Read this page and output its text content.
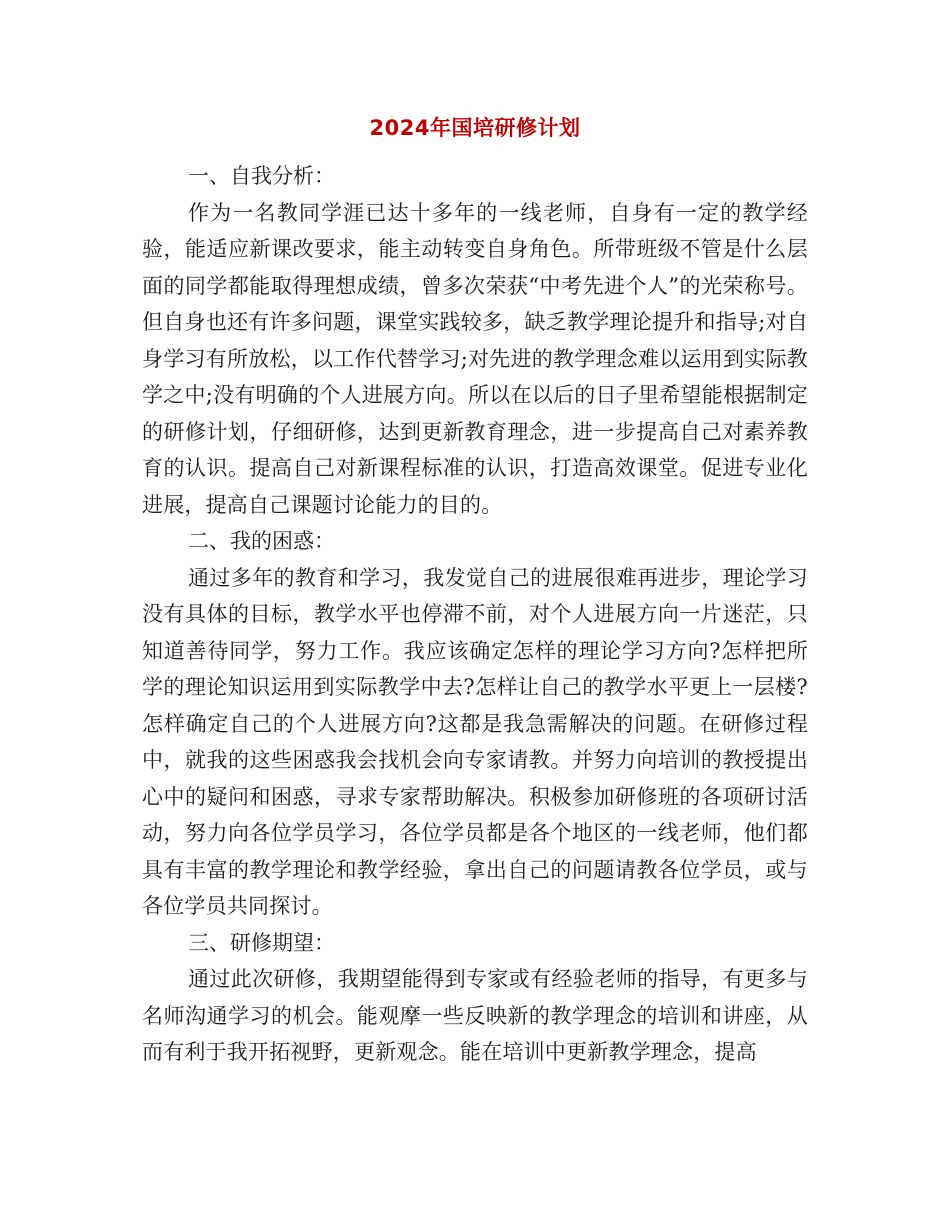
2024年国培研修计划

一、自我分析：

作为一名教同学涯已达十多年的一线老师，自身有一定的教学经验，能适应新课改要求，能主动转变自身角色。所带班级不管是什么层面的同学都能取得理想成绩，曾多次荣获“中考先进个人”的光荣称号。但自身也还有许多问题，课堂实践较多，缺乏教学理论提升和指导;对自身学习有所放松，以工作代替学习;对先进的教学理念难以运用到实际教学之中;没有明确的个人进展方向。所以在以后的日子里希望能根据制定的研修计划，仔细研修，达到更新教育理念，进一步提高自己对素养教育的认识。提高自己对新课程标准的认识，打造高效课堂。促进专业化进展，提高自己课题讨论能力的目的。

二、我的困惑：

通过多年的教育和学习，我发觉自己的进展很难再进步，理论学习没有具体的目标，教学水平也停滞不前，对个人进展方向一片迷茫，只知道善待同学，努力工作。我应该确定怎样的理论学习方向?怎样把所学的理论知识运用到实际教学中去?怎样让自己的教学水平更上一层楼?怎样确定自己的个人进展方向?这都是我急需解决的问题。在研修过程中，就我的这些困惑我会找机会向专家请教。并努力向培训的教授提出心中的疑问和困惑，寻求专家帮助解决。积极参加研修班的各项研讨活动，努力向各位学员学习，各位学员都是各个地区的一线老师，他们都具有丰富的教学理论和教学经验，拿出自己的问题请教各位学员，或与各位学员共同探讨。

三、研修期望：

通过此次研修，我期望能得到专家或有经验老师的指导，有更多与名师沟通学习的机会。能观摩一些反映新的教学理念的培训和讲座，从而有利于我开拓视野，更新观念。能在培训中更新教学理念，提高
